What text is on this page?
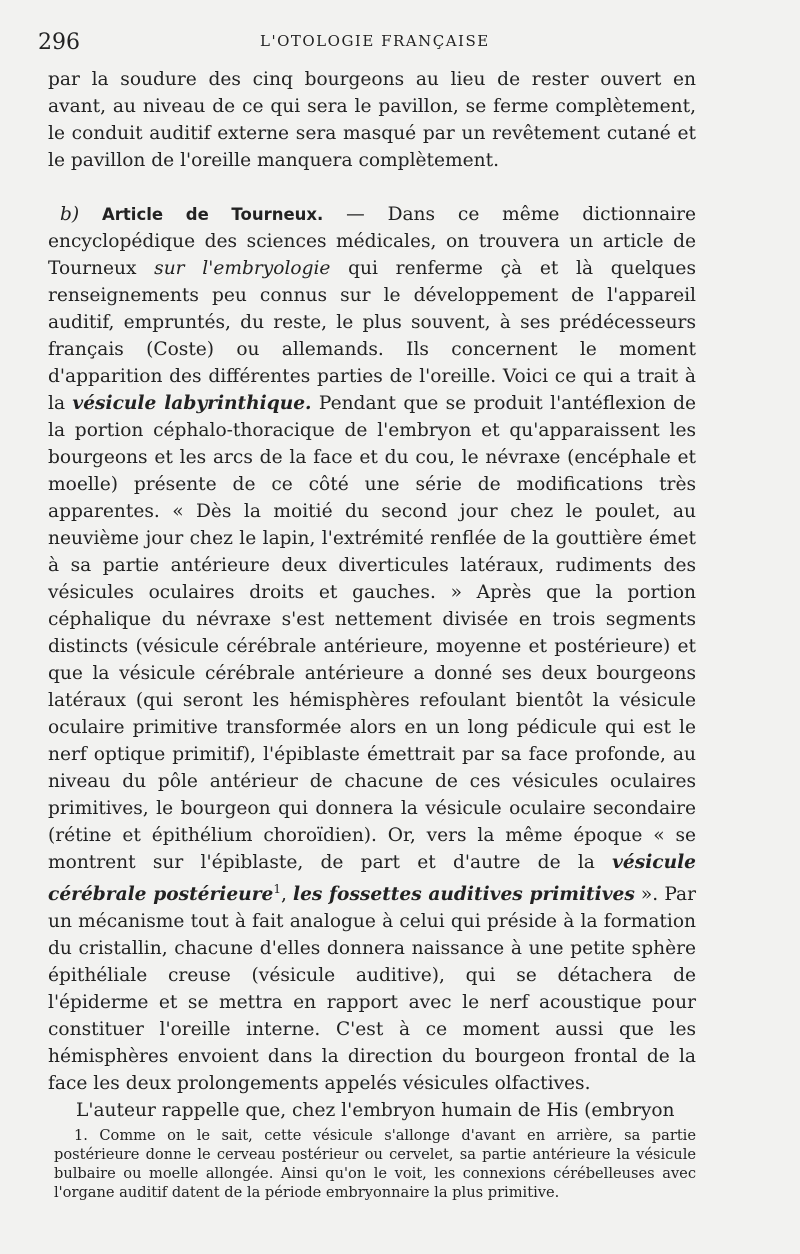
296	L'OTOLOGIE FRANÇAISE

par la soudure des cinq bourgeons au lieu de rester ouvert en avant, au niveau de ce qui sera le pavillon, se ferme complètement, le conduit auditif externe sera masqué par un revêtement cutané et le pavillon de l'oreille manquera complètement.

b) Article de Tourneux. — Dans ce même dictionnaire encyclopédique des sciences médicales, on trouvera un article de Tourneux sur l'embryologie qui renferme çà et là quelques renseignements peu connus sur le développement de l'appareil auditif, empruntés, du reste, le plus souvent, à ses prédécesseurs français (Coste) ou allemands. Ils concernent le moment d'apparition des différentes parties de l'oreille. Voici ce qui a trait à la vésicule labyrinthique. Pendant que se produit l'antéflexion de la portion céphalo-thoracique de l'embryon et qu'apparaissent les bourgeons et les arcs de la face et du cou, le névraxe (encéphale et moelle) présente de ce côté une série de modifications très apparentes. « Dès la moitié du second jour chez le poulet, au neuvième jour chez le lapin, l'extrémité renflée de la gouttière émet à sa partie antérieure deux diverticules latéraux, rudiments des vésicules oculaires droits et gauches. » Après que la portion céphalique du névraxe s'est nettement divisée en trois segments distincts (vésicule cérébrale antérieure, moyenne et postérieure) et que la vésicule cérébrale antérieure a donné ses deux bourgeons latéraux (qui seront les hémisphères refoulant bientôt la vésicule oculaire primitive transformée alors en un long pédicule qui est le nerf optique primitif), l'épiblaste émettrait par sa face profonde, au niveau du pôle antérieur de chacune de ces vésicules oculaires primitives, le bourgeon qui donnera la vésicule oculaire secondaire (rétine et épithélium choroïdien). Or, vers la même époque « se montrent sur l'épiblaste, de part et d'autre de la vésicule cérébrale postérieure$^1$, les fossettes auditives primitives ». Par un mécanisme tout à fait analogue à celui qui préside à la formation du cristallin, chacune d'elles donnera naissance à une petite sphère épithéliale creuse (vésicule auditive), qui se détachera de l'épiderme et se mettra en rapport avec le nerf acoustique pour constituer l'oreille interne. C'est à ce moment aussi que les hémisphères envoient dans la direction du bourgeon frontal de la face les deux prolongements appelés vésicules olfactives.

L'auteur rappelle que, chez l'embryon humain de His (embryon

1. Comme on le sait, cette vésicule s'allonge d'avant en arrière, sa partie postérieure donne le cerveau postérieur ou cervelet, sa partie antérieure la vésicule bulbaire ou moelle allongée. Ainsi qu'on le voit, les connexions cérébelleuses avec l'organe auditif datent de la période embryonnaire la plus primitive.
